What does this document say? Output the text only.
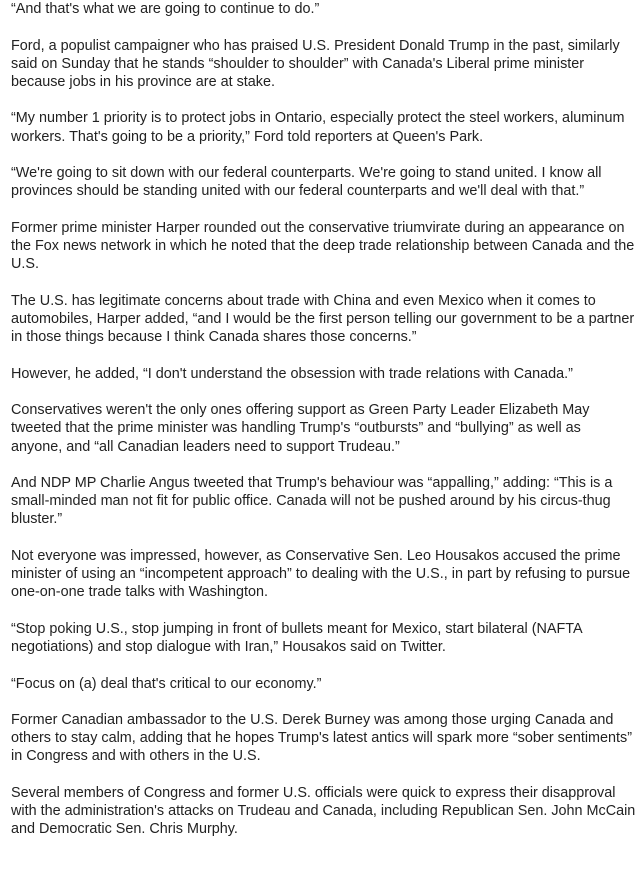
“And that's what we are going to continue to do.”

Ford, a populist campaigner who has praised U.S. President Donald Trump in the past, similarly said on Sunday that he stands “shoulder to shoulder” with Canada's Liberal prime minister because jobs in his province are at stake.

“My number 1 priority is to protect jobs in Ontario, especially protect the steel workers, aluminum workers. That's going to be a priority,” Ford told reporters at Queen's Park.

“We're going to sit down with our federal counterparts. We're going to stand united. I know all provinces should be standing united with our federal counterparts and we'll deal with that.”

Former prime minister Harper rounded out the conservative triumvirate during an appearance on the Fox news network in which he noted that the deep trade relationship between Canada and the U.S.

The U.S. has legitimate concerns about trade with China and even Mexico when it comes to automobiles, Harper added, “and I would be the first person telling our government to be a partner in those things because I think Canada shares those concerns.”

However, he added, “I don't understand the obsession with trade relations with Canada.”

Conservatives weren't the only ones offering support as Green Party Leader Elizabeth May tweeted that the prime minister was handling Trump's “outbursts” and “bullying” as well as anyone, and “all Canadian leaders need to support Trudeau.”

And NDP MP Charlie Angus tweeted that Trump's behaviour was “appalling,” adding: “This is a small-minded man not fit for public office. Canada will not be pushed around by his circus-thug bluster.”

Not everyone was impressed, however, as Conservative Sen. Leo Housakos accused the prime minister of using an “incompetent approach” to dealing with the U.S., in part by refusing to pursue one-on-one trade talks with Washington.

“Stop poking U.S., stop jumping in front of bullets meant for Mexico, start bilateral (NAFTA negotiations) and stop dialogue with Iran,” Housakos said on Twitter.

“Focus on (a) deal that's critical to our economy.”

Former Canadian ambassador to the U.S. Derek Burney was among those urging Canada and others to stay calm, adding that he hopes Trump's latest antics will spark more “sober sentiments” in Congress and with others in the U.S.

Several members of Congress and former U.S. officials were quick to express their disapproval with the administration's attacks on Trudeau and Canada, including Republican Sen. John McCain and Democratic Sen. Chris Murphy.
